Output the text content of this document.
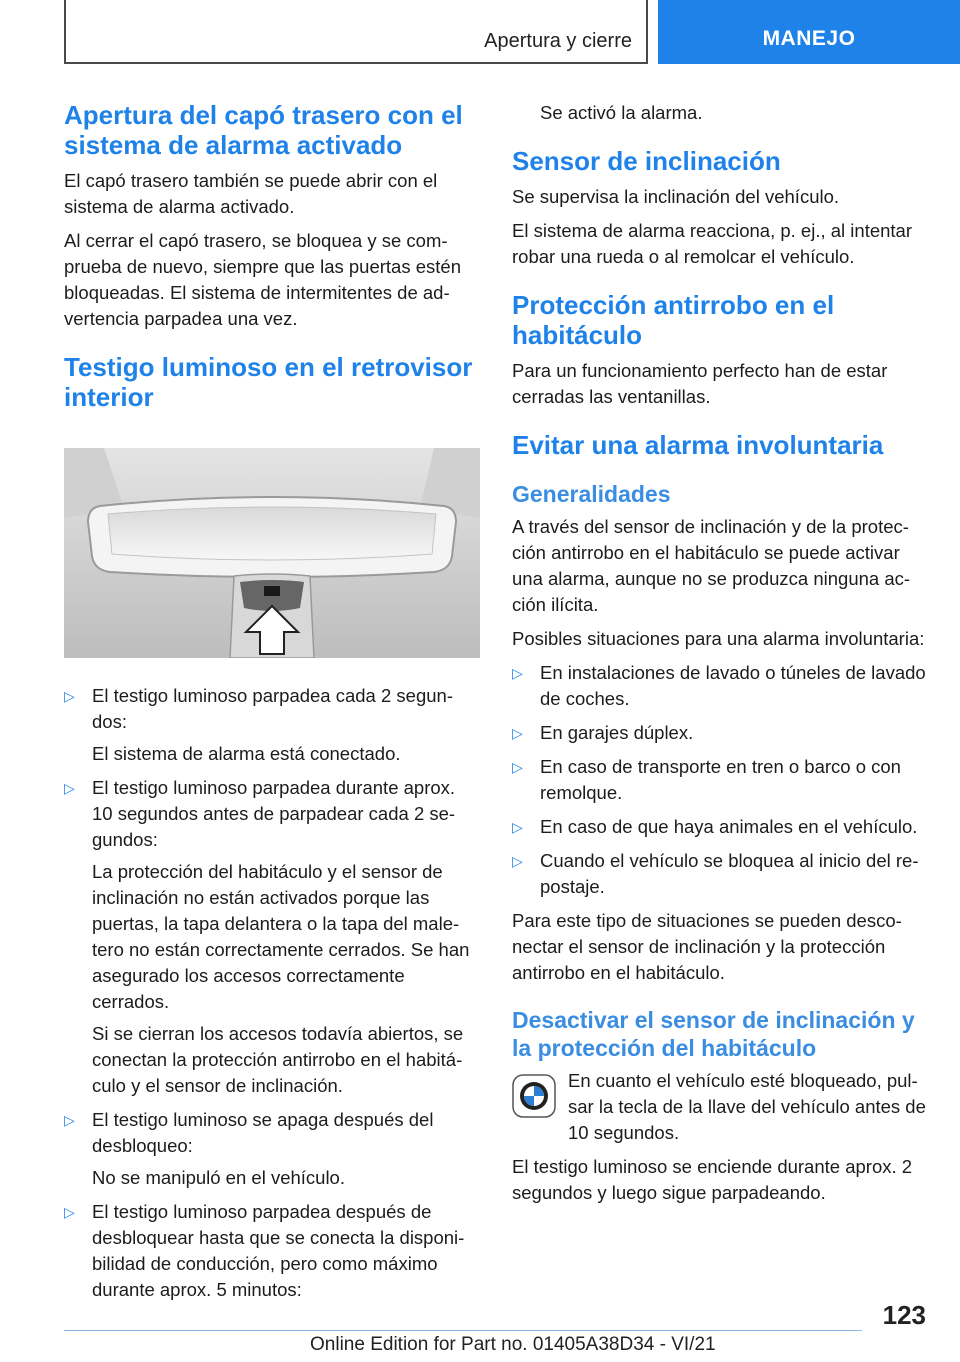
Apertura y cierre	MANEJO
Apertura del capó trasero con el sistema de alarma activado

El capó trasero también se puede abrir con el sistema de alarma activado.

Al cerrar el capó trasero, se bloquea y se comprueba de nuevo, siempre que las puertas estén bloqueadas. El sistema de intermitentes de advertencia parpadea una vez.

Testigo luminoso en el retrovisor interior
▷ El testigo luminoso parpadea cada 2 segundos:
El sistema de alarma está conectado.
▷ El testigo luminoso parpadea durante aprox. 10 segundos antes de parpadear cada 2 segundos:
La protección del habitáculo y el sensor de inclinación no están activados porque las puertas, la tapa delantera o la tapa del maletero no están correctamente cerrados. Se han asegurado los accesos correctamente cerrados.
Si se cierran los accesos todavía abiertos, se conectan la protección antirrobo en el habitáculo y el sensor de inclinación.
▷ El testigo luminoso se apaga después del desbloqueo:
No se manipuló en el vehículo.
▷ El testigo luminoso parpadea después de desbloquear hasta que se conecta la disponibilidad de conducción, pero como máximo durante aprox. 5 minutos:

Se activó la alarma.

Sensor de inclinación

Se supervisa la inclinación del vehículo.

El sistema de alarma reacciona, p. ej., al intentar robar una rueda o al remolcar el vehículo.

Protección antirrobo en el habitáculo

Para un funcionamiento perfecto han de estar cerradas las ventanillas.

Evitar una alarma involuntaria
Generalidades

A través del sensor de inclinación y de la protección antirrobo en el habitáculo se puede activar una alarma, aunque no se produzca ninguna acción ilícita.

Posibles situaciones para una alarma involuntaria:

▷ En instalaciones de lavado o túneles de lavado de coches.
▷ En garajes dúplex.
▷ En caso de transporte en tren o barco o con remolque.
▷ En caso de que haya animales en el vehículo.
▷ Cuando el vehículo se bloquea al inicio del repostaje.

Para este tipo de situaciones se pueden desconectar el sensor de inclinación y la protección antirrobo en el habitáculo.

Desactivar el sensor de inclinación y la protección del habitáculo

En cuanto el vehículo esté bloqueado, pulsar la tecla de la llave del vehículo antes de 10 segundos.

El testigo luminoso se enciende durante aprox. 2 segundos y luego sigue parpadeando.

123
Online Edition for Part no. 01405A38D34 - VI/21
